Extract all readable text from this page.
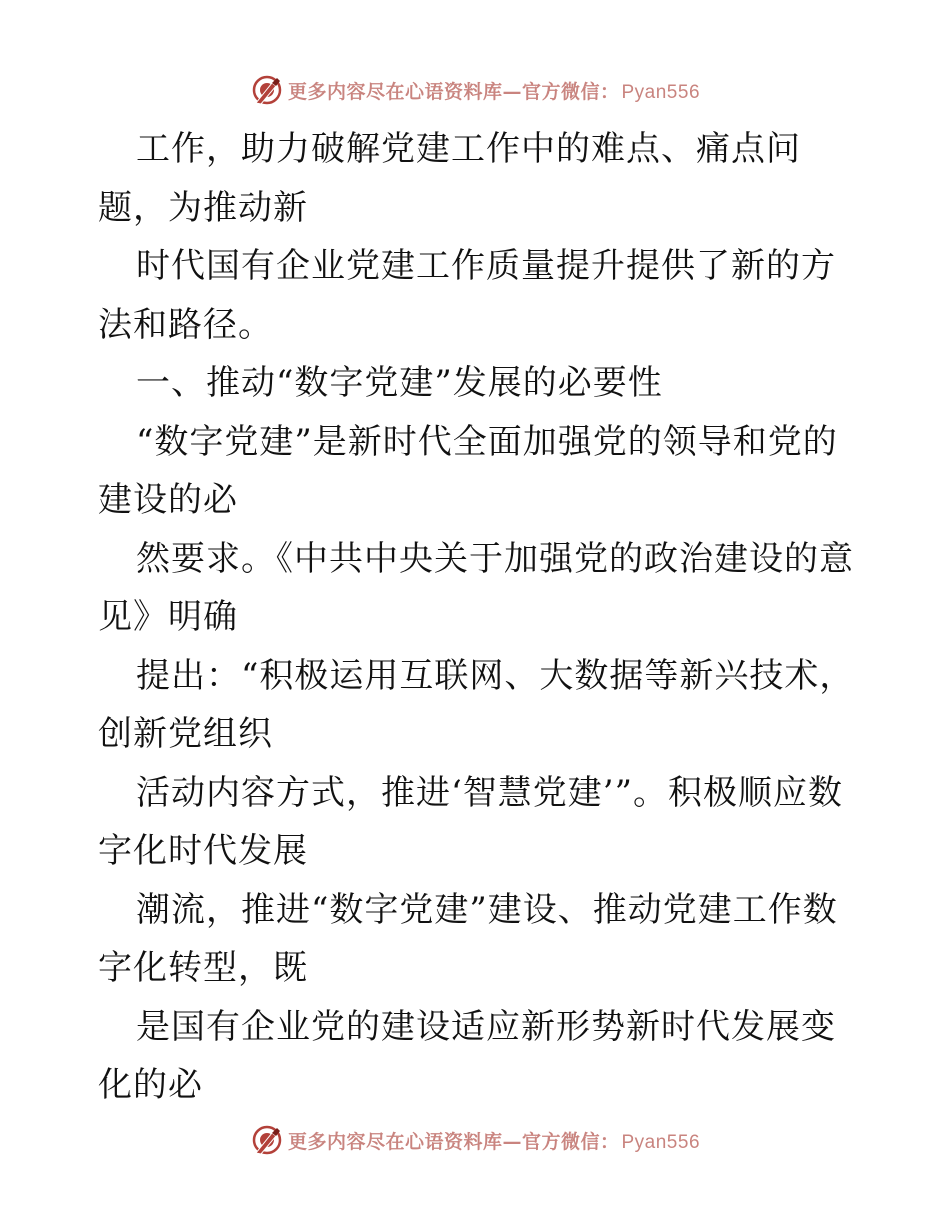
更多内容尽在心语资料库—官方微信： Pyan556

工作，助力破解党建工作中的难点、痛点问题，为推动新

时代国有企业党建工作质量提升提供了新的方法和路径。

一、推动“数字党建”发展的必要性

“数字党建”是新时代全面加强党的领导和党的建设的必

然要求。《中共中央关于加强党的政治建设的意见》明确

提出：“积极运用互联网、大数据等新兴技术，创新党组织

活动内容方式，推进‘智慧党建’”。积极顺应数字化时代发展

潮流，推进“数字党建”建设、推动党建工作数字化转型，既

是国有企业党的建设适应新形势新时代发展变化的必

更多内容尽在心语资料库—官方微信： Pyan556
